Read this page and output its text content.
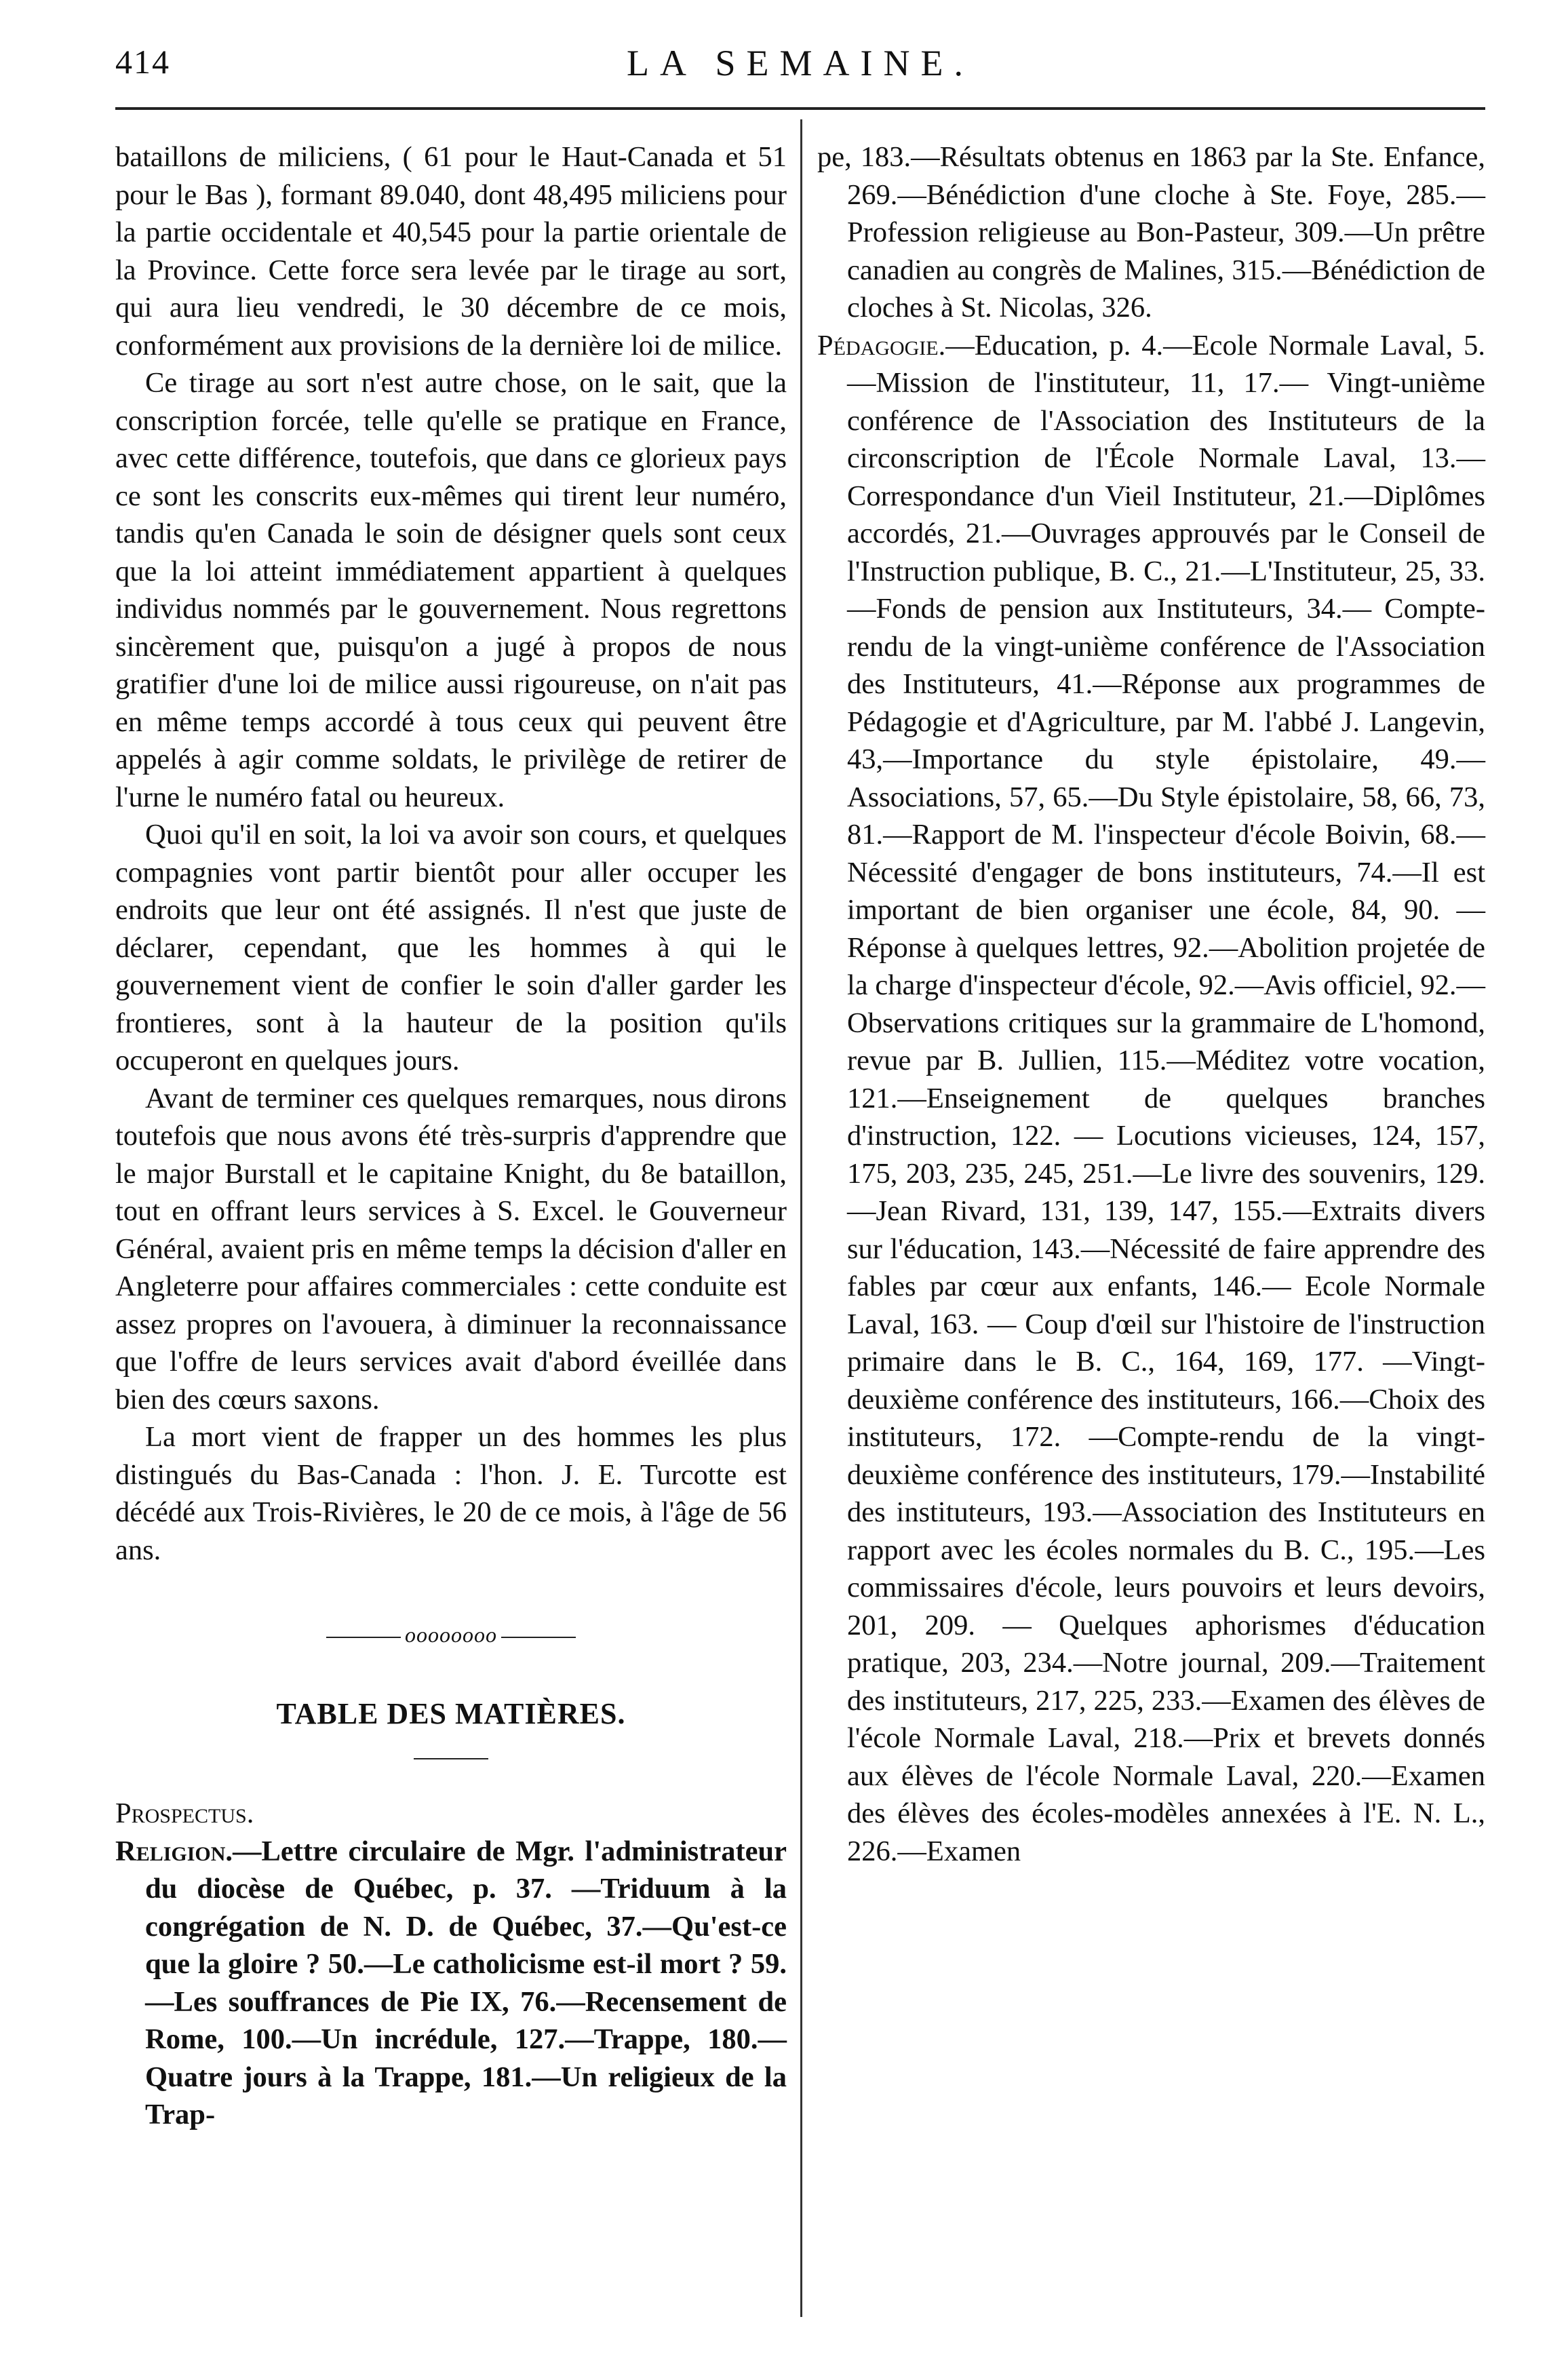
414	LA SEMAINE.

bataillons de miliciens, ( 61 pour le Haut-Canada et 51 pour le Bas ), formant 89.040, dont 48,495 miliciens pour la partie occidentale et 40,545 pour la partie orientale de la Province. Cette force sera levée par le tirage au sort, qui aura lieu vendredi, le 30 décembre de ce mois, conformément aux provisions de la dernière loi de milice.

Ce tirage au sort n'est autre chose, on le sait, que la conscription forcée, telle qu'elle se pratique en France, avec cette différence, toutefois, que dans ce glorieux pays ce sont les conscrits eux-mêmes qui tirent leur numéro, tandis qu'en Canada le soin de désigner quels sont ceux que la loi atteint immédiatement appartient à quelques individus nommés par le gouvernement. Nous regrettons sincèrement que, puisqu'on a jugé à propos de nous gratifier d'une loi de milice aussi rigoureuse, on n'ait pas en même temps accordé à tous ceux qui peuvent être appelés à agir comme soldats, le privilège de retirer de l'urne le numéro fatal ou heureux.

Quoi qu'il en soit, la loi va avoir son cours, et quelques compagnies vont partir bientôt pour aller occuper les endroits que leur ont été assignés. Il n'est que juste de déclarer, cependant, que les hommes à qui le gouvernement vient de confier le soin d'aller garder les frontieres, sont à la hauteur de la position qu'ils occuperont en quelques jours.

Avant de terminer ces quelques remarques, nous dirons toutefois que nous avons été très-surpris d'apprendre que le major Burstall et le capitaine Knight, du 8e bataillon, tout en offrant leurs services à S. Excel. le Gouverneur Général, avaient pris en même temps la décision d'aller en Angleterre pour affaires commerciales : cette conduite est assez propres on l'avouera, à diminuer la reconnaissance que l'offre de leurs services avait d'abord éveillée dans bien des cœurs saxons.

La mort vient de frapper un des hommes les plus distingués du Bas-Canada : l'hon. J. E. Turcotte est décédé aux Trois-Rivières, le 20 de ce mois, à l'âge de 56 ans.

oooooooo

TABLE DES MATIÈRES.

Prospectus.

Religion.—Lettre circulaire de Mgr. l'administrateur du diocèse de Québec, p. 37. —Triduum à la congrégation de N. D. de Québec, 37.—Qu'est-ce que la gloire ? 50.—Le catholicisme est-il mort ? 59.—Les souffrances de Pie IX, 76.—Recensement de Rome, 100.—Un incrédule, 127.—Trappe, 180.—Quatre jours à la Trappe, 181.—Un religieux de la Trap-

pe, 183.—Résultats obtenus en 1863 par la Ste. Enfance, 269.—Bénédiction d'une cloche à Ste. Foye, 285.—Profession religieuse au Bon-Pasteur, 309.—Un prêtre canadien au congrès de Malines, 315.—Bénédiction de cloches à St. Nicolas, 326.

Pédagogie.—Education, p. 4.—Ecole Normale Laval, 5.—Mission de l'instituteur, 11, 17.— Vingt-unième conférence de l'Association des Instituteurs de la circonscription de l'École Normale Laval, 13.—Correspondance d'un Vieil Instituteur, 21.—Diplômes accordés, 21.—Ouvrages approuvés par le Conseil de l'Instruction publique, B. C., 21.—L'Instituteur, 25, 33.—Fonds de pension aux Instituteurs, 34.— Compte-rendu de la vingt-unième conférence de l'Association des Instituteurs, 41.—Réponse aux programmes de Pédagogie et d'Agriculture, par M. l'abbé J. Langevin, 43,—Importance du style épistolaire, 49.—Associations, 57, 65.—Du Style épistolaire, 58, 66, 73, 81.—Rapport de M. l'inspecteur d'école Boivin, 68.—Nécessité d'engager de bons instituteurs, 74.—Il est important de bien organiser une école, 84, 90. —Réponse à quelques lettres, 92.—Abolition projetée de la charge d'inspecteur d'école, 92.—Avis officiel, 92.—Observations critiques sur la grammaire de L'homond, revue par B. Jullien, 115.—Méditez votre vocation, 121.—Enseignement de quelques branches d'instruction, 122. — Locutions vicieuses, 124, 157, 175, 203, 235, 245, 251.—Le livre des souvenirs, 129.—Jean Rivard, 131, 139, 147, 155.—Extraits divers sur l'éducation, 143.—Nécessité de faire apprendre des fables par cœur aux enfants, 146.— Ecole Normale Laval, 163. — Coup d'œil sur l'histoire de l'instruction primaire dans le B. C., 164, 169, 177. —Vingt-deuxième conférence des instituteurs, 166.—Choix des instituteurs, 172. —Compte-rendu de la vingt-deuxième conférence des instituteurs, 179.—Instabilité des instituteurs, 193.—Association des Instituteurs en rapport avec les écoles normales du B. C., 195.—Les commissaires d'école, leurs pouvoirs et leurs devoirs, 201, 209. — Quelques aphorismes d'éducation pratique, 203, 234.—Notre journal, 209.—Traitement des instituteurs, 217, 225, 233.—Examen des élèves de l'école Normale Laval, 218.—Prix et brevets donnés aux élèves de l'école Normale Laval, 220.—Examen des élèves des écoles-modèles annexées à l'E. N. L., 226.—Examen
